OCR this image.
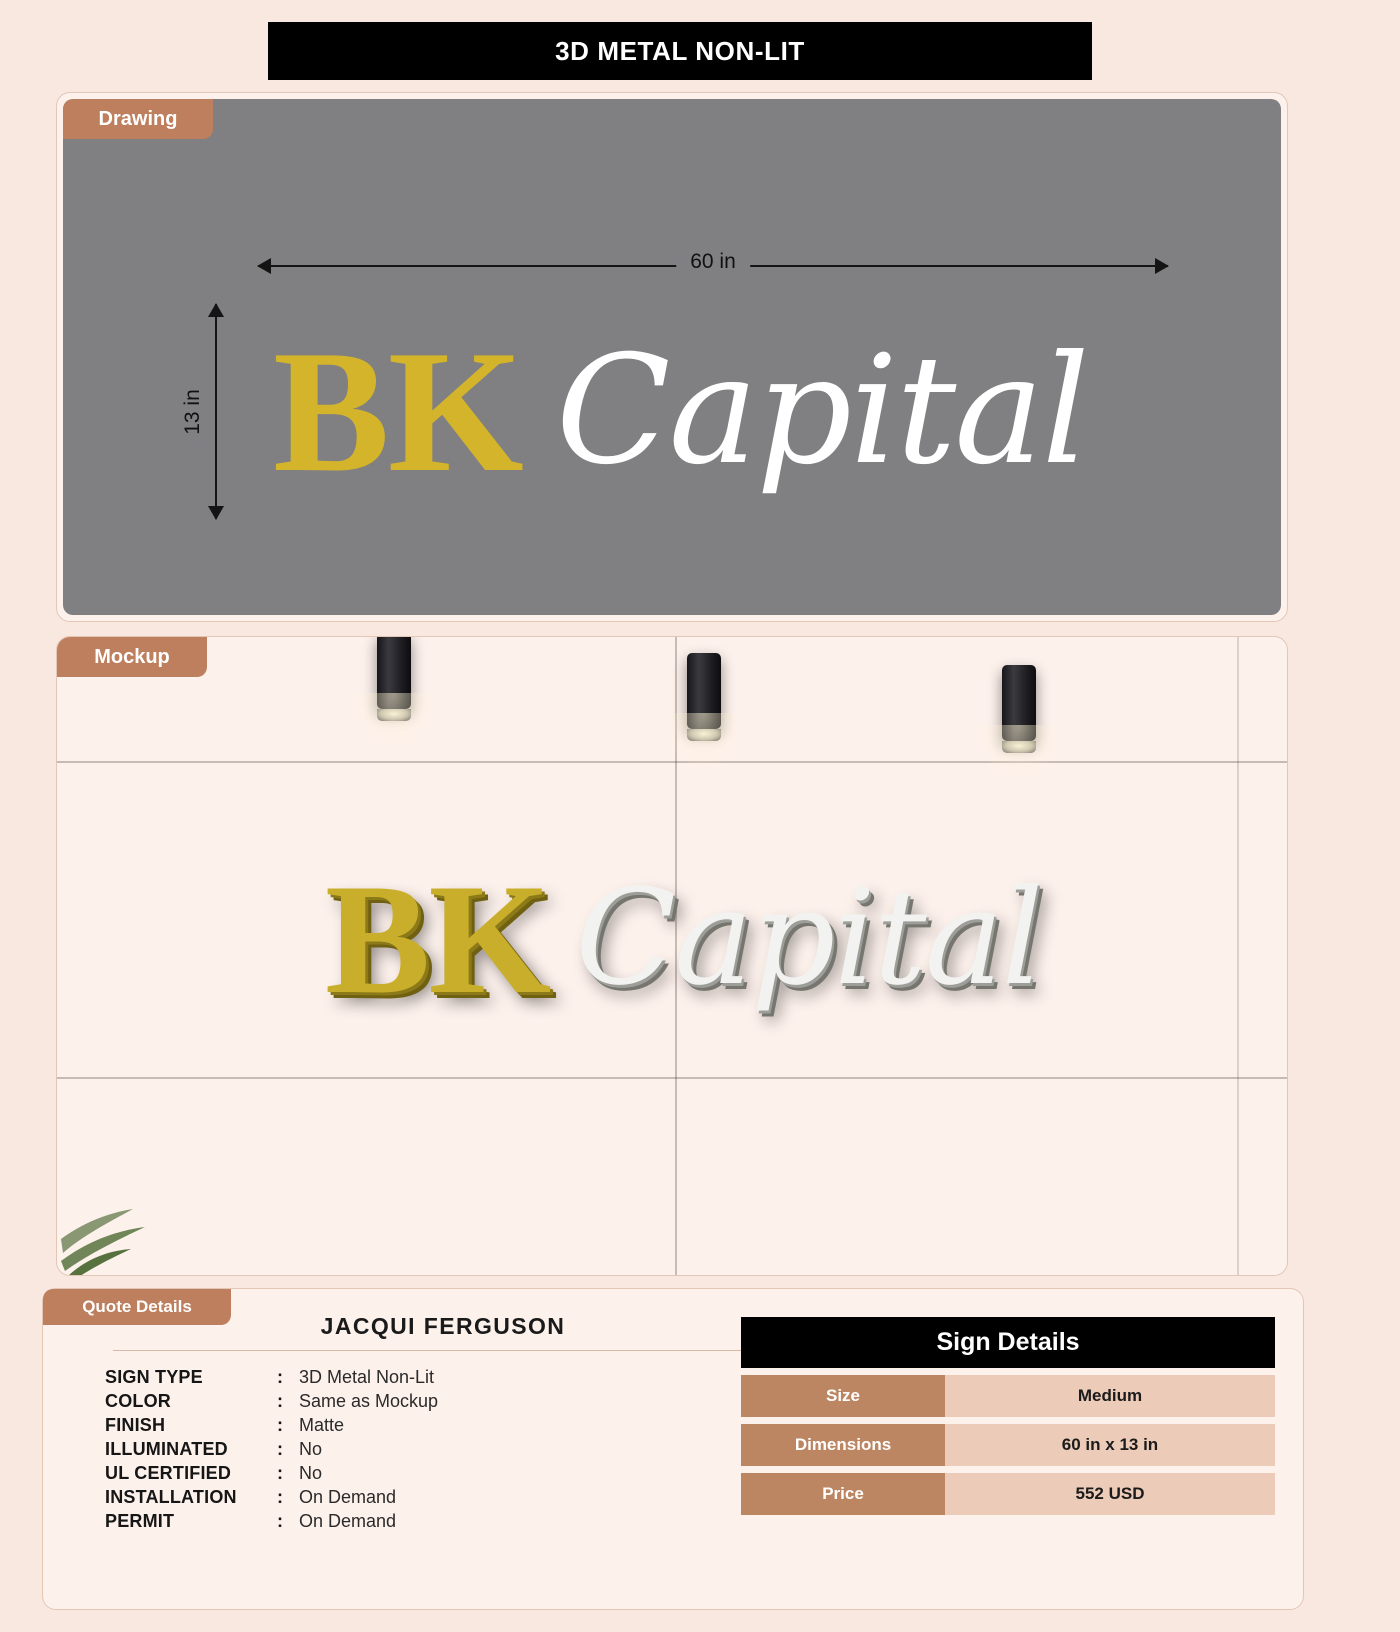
3D METAL NON-LIT
Drawing
60 in
13 in BK Capital
BK Capital
Mockup
Quote Details
JACQUI FERGUSON
SIGN TYPE	: 3D Metal Non-Lit
COLOR	: Same as Mockup
FINISH	: Matte
ILLUMINATED	: No
UL CERTIFIED	: No
INSTALLATION	: On Demand
PERMIT	: On Demand
Sign Details
Size	Medium
Dimensions	60 in x 13 in
Price	552 USD
